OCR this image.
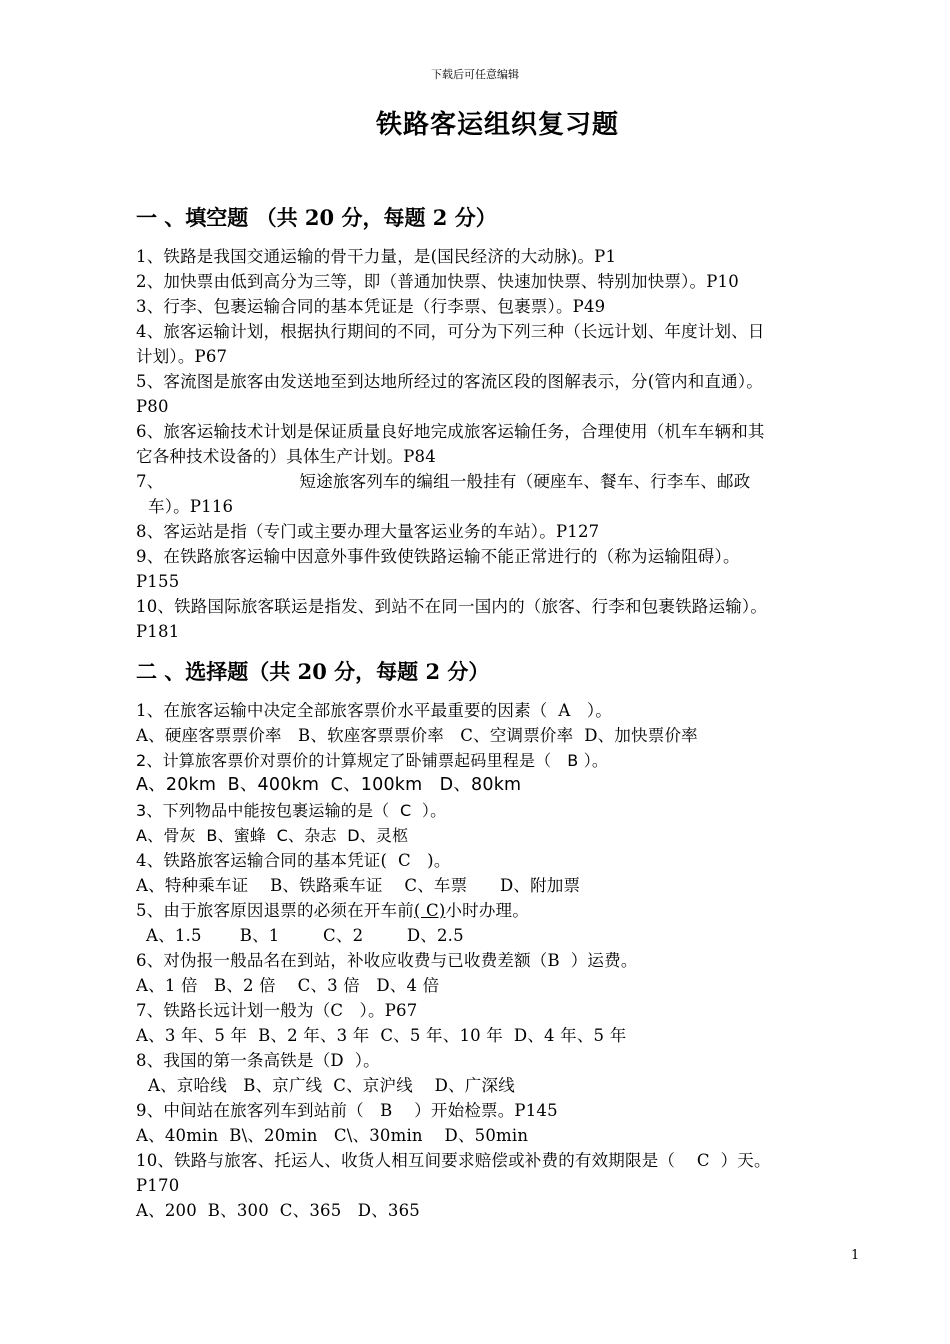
下载后可任意编辑
铁路客运组织复习题
一 、填空题 （共 20 分，每题 2 分）
1、铁路是我国交通运输的骨干力量，是(国民经济的大动脉)。P1
2、加快票由低到高分为三等，即（普通加快票、快速加快票、特别加快票）。P10
3、行李、包裹运输合同的基本凭证是（行李票、包裹票）。P49
4、旅客运输计划，根据执行期间的不同，可分为下列三种（长远计划、年度计划、日
计划）。P67
5、客流图是旅客由发送地至到达地所经过的客流区段的图解表示，分(管内和直通）。
P80
6、旅客运输技术计划是保证质量良好地完成旅客运输任务，合理使用（机车车辆和其
它各种技术设备的）具体生产计划。P84
7、                         短途旅客列车的编组一般挂有（硬座车、餐车、行李车、邮政
车）。P116
8、客运站是指（专门或主要办理大量客运业务的车站）。P127
9、在铁路旅客运输中因意外事件致使铁路运输不能正常进行的（称为运输阻碍）。
P155
10、铁路国际旅客联运是指发、到站不在同一国内的（旅客、行李和包裹铁路运输）。
P181
二 、选择题（共 20 分，每题 2 分）
1、在旅客运输中决定全部旅客票价水平最重要的因素（  A   ）。
A、硬座客票票价率   B、软座客票票价率   C、空调票价率  D、加快票价率
2、计算旅客票价对票价的计算规定了卧铺票起码里程是（   B ）。
A、20km  B、400km  C、100km   D、80km
3、下列物品中能按包裹运输的是（  C  ）。
A、骨灰  B、蜜蜂  C、杂志  D、灵柩
4、铁路旅客运输合同的基本凭证(  C   )。
A、特种乘车证    B、铁路乘车证    C、车票      D、附加票
5、由于旅客原因退票的必须在开车前( C)小时办理。
A、1.5       B、1        C、2        D、2.5
6、对伪报一般品名在到站，补收应收费与已收费差额（B  ）运费。
A、1 倍   B、2 倍    C、3 倍   D、4 倍
7、铁路长远计划一般为（C   ）。P67
A、3 年、5 年  B、2 年、3 年  C、5 年、10 年  D、4 年、5 年
8、我国的第一条高铁是（D  ）。
A、京哈线   B、京广线  C、京沪线    D、广深线
9、中间站在旅客列车到站前（   B    ）开始检票。P145
A、40min  B\、20min   C\、30min    D、50min
10、铁路与旅客、托运人、收货人相互间要求赔偿或补费的有效期限是（    C  ）天。
P170
A、200  B、300  C、365   D、365
1
